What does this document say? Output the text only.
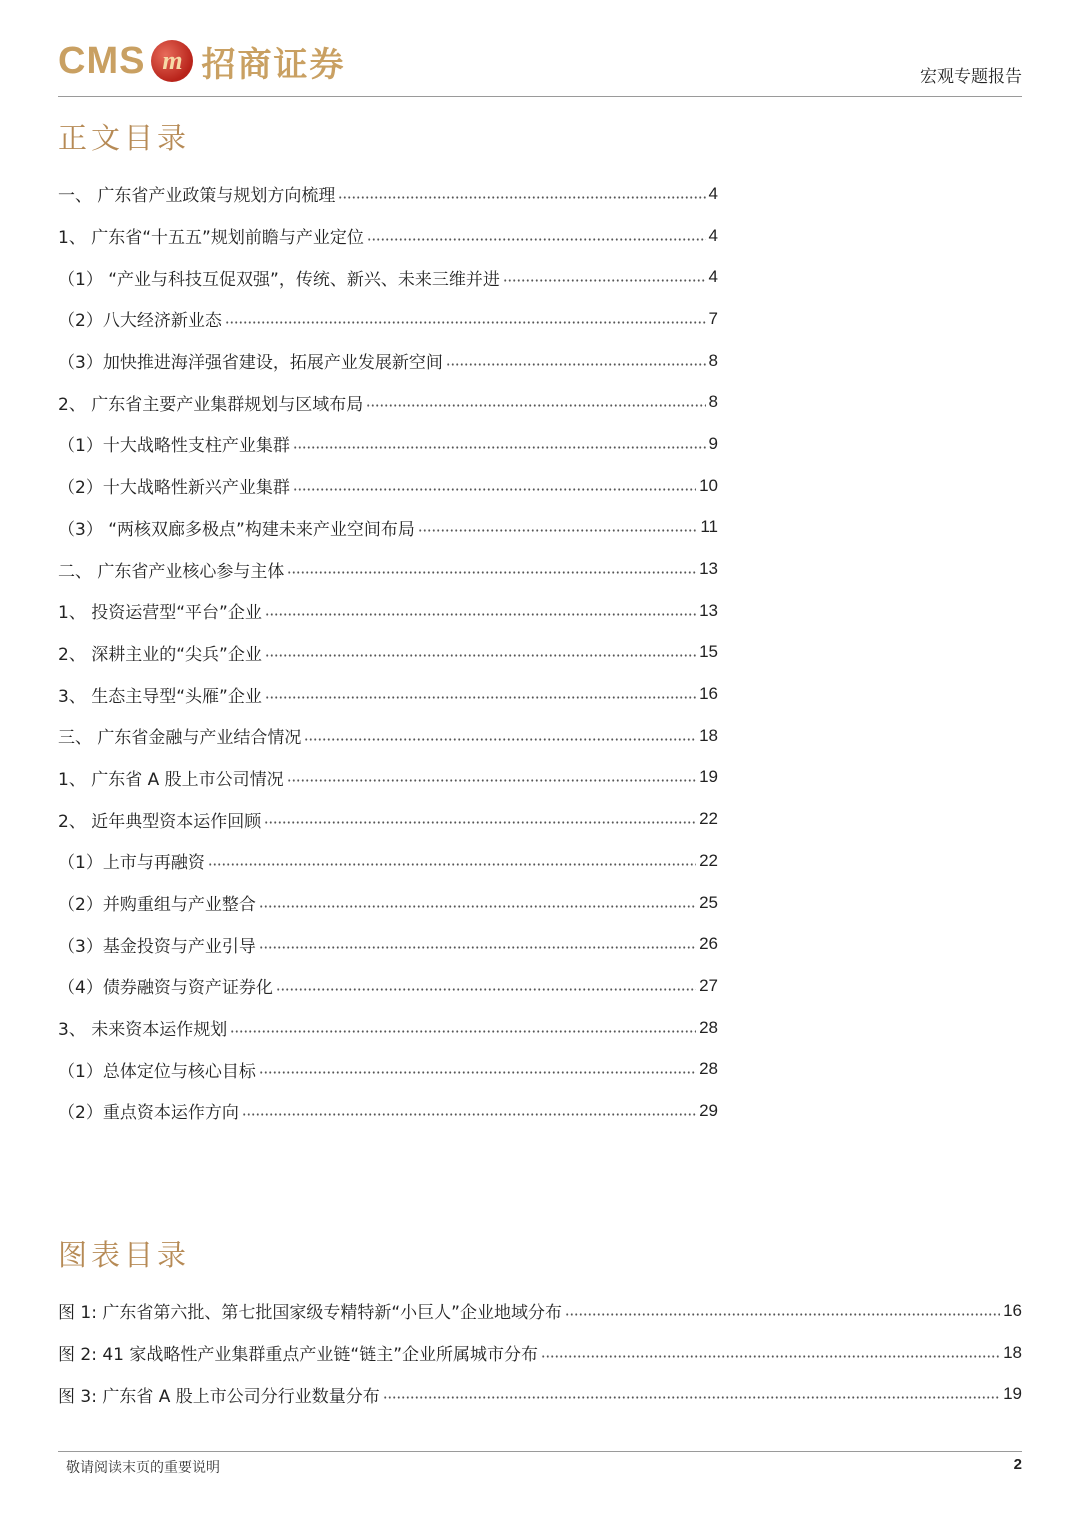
CMS m 招商证券	宏观专题报告
正文目录
一、 广东省产业政策与规划方向梳理	4
1、 广东省“十五五”规划前瞻与产业定位	4
（1） “产业与科技互促双强”，传统、新兴、未来三维并进	4
（2）八大经济新业态	7
（3）加快推进海洋强省建设，拓展产业发展新空间	8
2、 广东省主要产业集群规划与区域布局	8
（1）十大战略性支柱产业集群	9
（2）十大战略性新兴产业集群	10
（3） “两核双廊多极点”构建未来产业空间布局	11
二、 广东省产业核心参与主体	13
1、 投资运营型“平台”企业	13
2、 深耕主业的“尖兵”企业	15
3、 生态主导型“头雁”企业	16
三、 广东省金融与产业结合情况	18
1、 广东省 A 股上市公司情况	19
2、 近年典型资本运作回顾	22
（1）上市与再融资	22
（2）并购重组与产业整合	25
（3）基金投资与产业引导	26
（4）债券融资与资产证券化	27
3、 未来资本运作规划	28
（1）总体定位与核心目标	28
（2）重点资本运作方向	29
图表目录
图 1: 广东省第六批、第七批国家级专精特新“小巨人”企业地域分布	16
图 2: 41 家战略性产业集群重点产业链“链主”企业所属城市分布	18
图 3: 广东省 A 股上市公司分行业数量分布	19
敬请阅读末页的重要说明	2
